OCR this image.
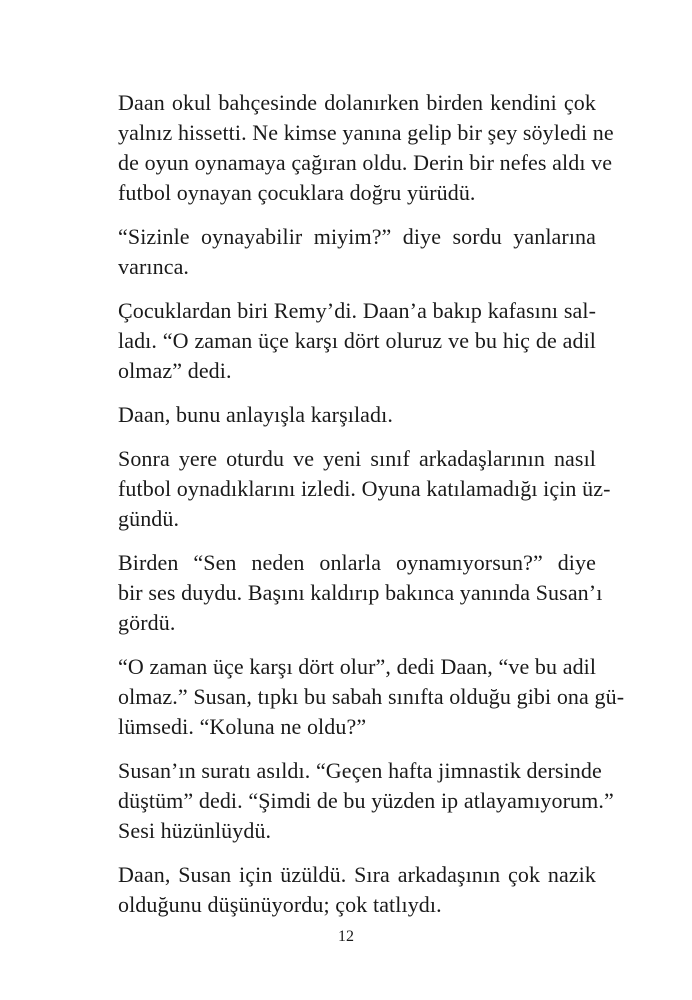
Daan okul bahçesinde dolanırken birden kendini çok
yalnız hissetti. Ne kimse yanına gelip bir şey söyledi ne
de oyun oynamaya çağıran oldu. Derin bir nefes aldı ve
futbol oynayan çocuklara doğru yürüdü.

“Sizinle oynayabilir miyim?” diye sordu yanlarına
varınca.

Çocuklardan biri Remy’di. Daan’a bakıp kafasını sal-
ladı. “O zaman üçe karşı dört oluruz ve bu hiç de adil
olmaz” dedi.

Daan, bunu anlayışla karşıladı.

Sonra yere oturdu ve yeni sınıf arkadaşlarının nasıl
futbol oynadıklarını izledi. Oyuna katılamadığı için üz-
gündü.

Birden “Sen neden onlarla oynamıyorsun?” diye
bir ses duydu. Başını kaldırıp bakınca yanında Susan’ı
gördü.

“O zaman üçe karşı dört olur”, dedi Daan, “ve bu adil
olmaz.” Susan, tıpkı bu sabah sınıfta olduğu gibi ona gü-
lümsedi. “Koluna ne oldu?”

Susan’ın suratı asıldı. “Geçen hafta jimnastik dersinde
düştüm” dedi. “Şimdi de bu yüzden ip atlayamıyorum.”
Sesi hüzünlüydü.

Daan, Susan için üzüldü. Sıra arkadaşının çok nazik
olduğunu düşünüyordu; çok tatlıydı.

12
